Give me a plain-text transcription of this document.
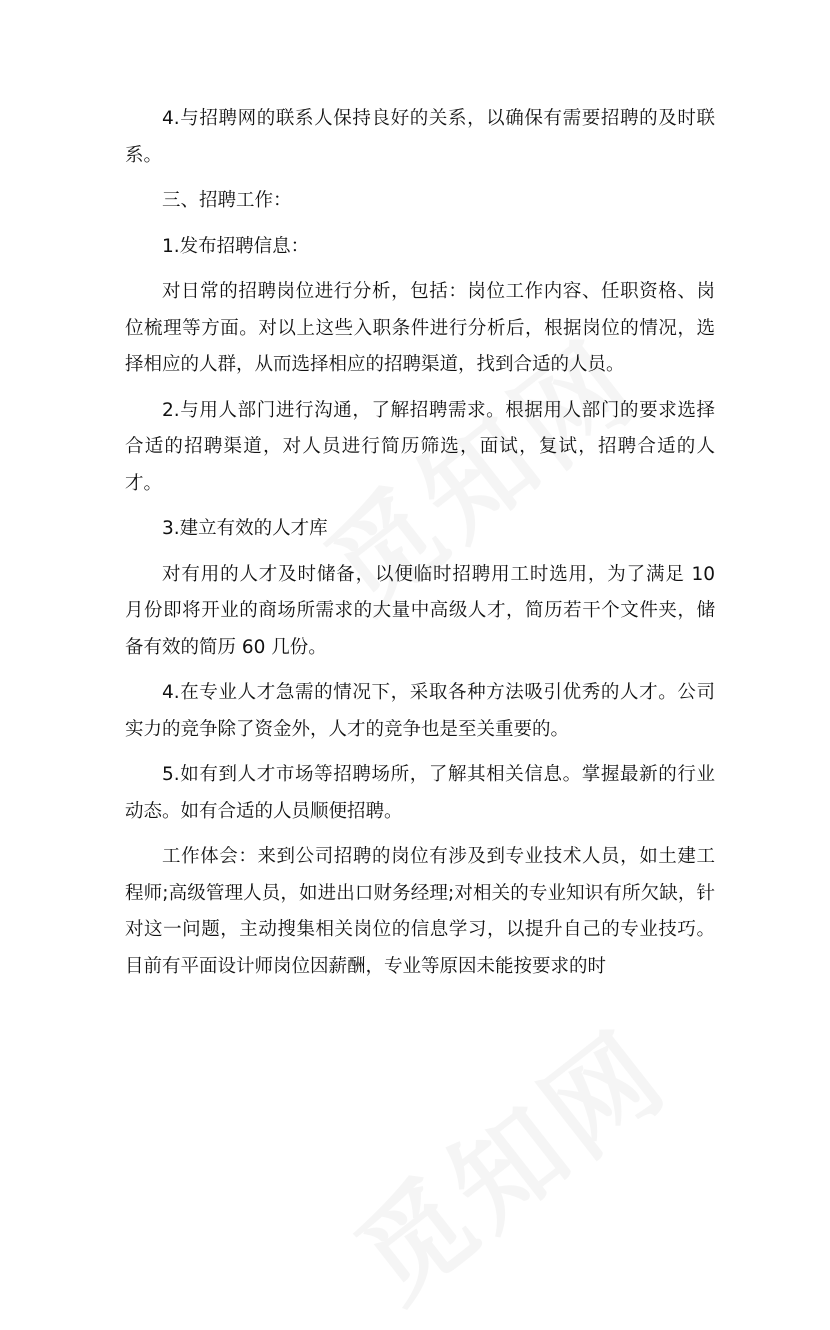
4.与招聘网的联系人保持良好的关系，以确保有需要招聘的及时联系。

三、招聘工作：

1.发布招聘信息：

对日常的招聘岗位进行分析，包括：岗位工作内容、任职资格、岗位梳理等方面。对以上这些入职条件进行分析后，根据岗位的情况，选择相应的人群，从而选择相应的招聘渠道，找到合适的人员。

2.与用人部门进行沟通，了解招聘需求。根据用人部门的要求选择合适的招聘渠道，对人员进行简历筛选，面试，复试，招聘合适的人才。

3.建立有效的人才库

对有用的人才及时储备，以便临时招聘用工时选用，为了满足 10 月份即将开业的商场所需求的大量中高级人才，简历若干个文件夹，储备有效的简历 60 几份。

4.在专业人才急需的情况下，采取各种方法吸引优秀的人才。公司实力的竞争除了资金外，人才的竞争也是至关重要的。

5.如有到人才市场等招聘场所，了解其相关信息。掌握最新的行业动态。如有合适的人员顺便招聘。

工作体会：来到公司招聘的岗位有涉及到专业技术人员，如土建工程师;高级管理人员，如进出口财务经理;对相关的专业知识有所欠缺，针对这一问题，主动搜集相关岗位的信息学习，以提升自己的专业技巧。目前有平面设计师岗位因薪酬，专业等原因未能按要求的时
